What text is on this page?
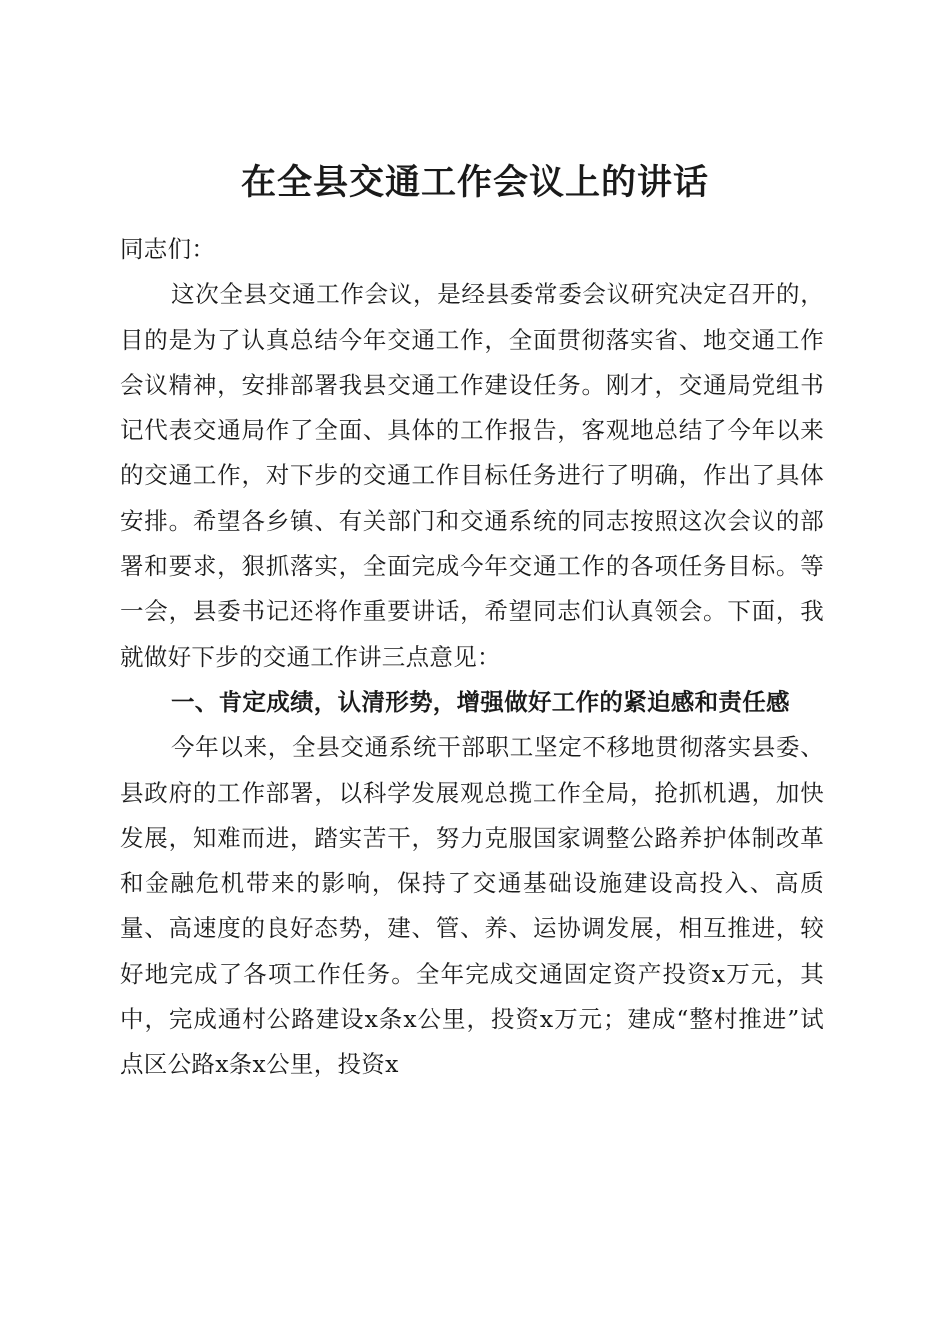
在全县交通工作会议上的讲话

同志们：

这次全县交通工作会议，是经县委常委会议研究决定召开的，目的是为了认真总结今年交通工作，全面贯彻落实省、地交通工作会议精神，安排部署我县交通工作建设任务。刚才，交通局党组书记代表交通局作了全面、具体的工作报告，客观地总结了今年以来的交通工作，对下步的交通工作目标任务进行了明确，作出了具体安排。希望各乡镇、有关部门和交通系统的同志按照这次会议的部署和要求，狠抓落实，全面完成今年交通工作的各项任务目标。等一会，县委书记还将作重要讲话，希望同志们认真领会。下面，我就做好下步的交通工作讲三点意见：

一、肯定成绩，认清形势，增强做好工作的紧迫感和责任感

今年以来，全县交通系统干部职工坚定不移地贯彻落实县委、县政府的工作部署，以科学发展观总揽工作全局，抢抓机遇，加快发展，知难而进，踏实苦干，努力克服国家调整公路养护体制改革和金融危机带来的影响，保持了交通基础设施建设高投入、高质量、高速度的良好态势，建、管、养、运协调发展，相互推进，较好地完成了各项工作任务。全年完成交通固定资产投资x万元，其中，完成通村公路建设x条x公里，投资x万元；建成“整村推进”试点区公路x条x公里，投资x
